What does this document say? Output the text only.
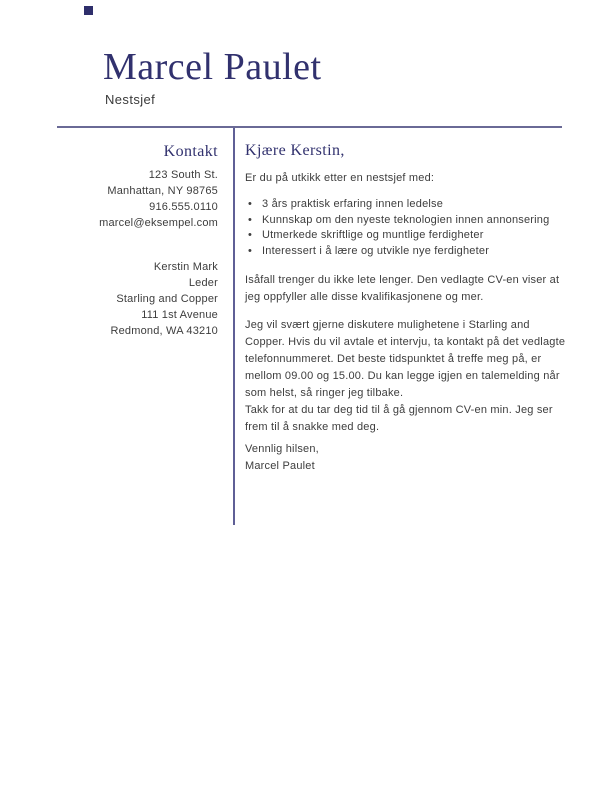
Marcel Paulet
Nestsjef
Kontakt
123 South St.
Manhattan, NY 98765
916.555.0110
marcel@eksempel.com
Kerstin Mark
Leder
Starling and Copper
111 1st Avenue
Redmond, WA 43210
Kjære Kerstin,

Er du på utkikk etter en nestsjef med:

• 3 års praktisk erfaring innen ledelse
• Kunnskap om den nyeste teknologien innen annonsering
• Utmerkede skriftlige og muntlige ferdigheter
• Interessert i å lære og utvikle nye ferdigheter

Isåfall trenger du ikke lete lenger. Den vedlagte CV-en viser at jeg oppfyller alle disse kvalifikasjonene og mer.

Jeg vil svært gjerne diskutere mulighetene i Starling and Copper. Hvis du vil avtale et intervju, ta kontakt på det vedlagte telefonnummeret. Det beste tidspunktet å treffe meg på, er mellom 09.00 og 15.00. Du kan legge igjen en talemelding når som helst, så ringer jeg tilbake.

Takk for at du tar deg tid til å gå gjennom CV-en min. Jeg ser frem til å snakke med deg.

Vennlig hilsen,

Marcel Paulet
